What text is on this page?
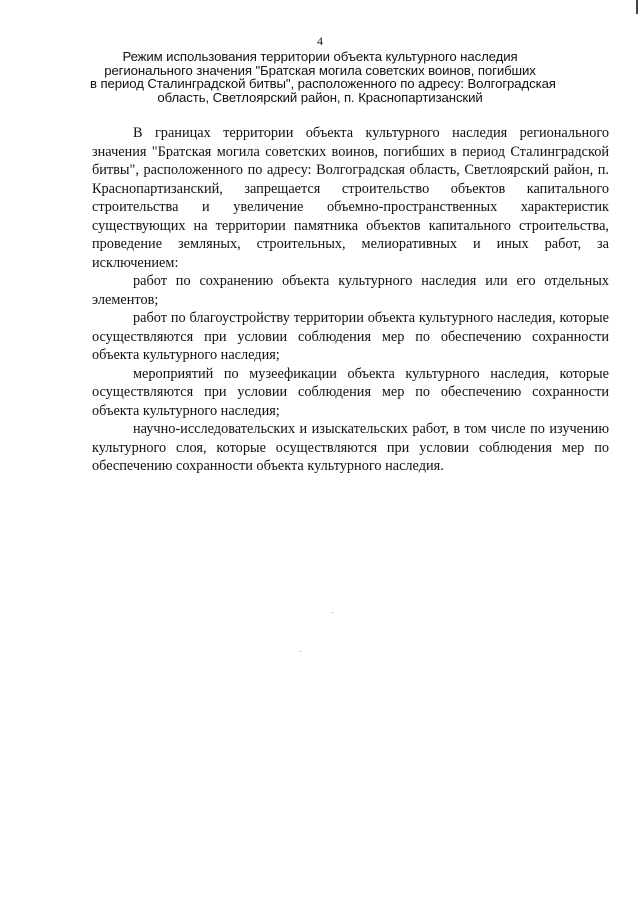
4
Режим использования территории объекта культурного наследия
регионального значения "Братская могила советских воинов, погибших
в период Сталинградской битвы", расположенного по адресу: Волгоградская
область, Светлоярский район, п. Краснопартизанский

В границах территории объекта культурного наследия регионального значения "Братская могила советских воинов, погибших в период Сталинградской битвы", расположенного по адресу: Волгоградская область, Светлоярский район, п. Краснопартизанский, запрещается строительство объектов капитального строительства и увеличение объемно-пространственных характеристик существующих на территории памятника объектов капитального строительства, проведение земляных, строительных, мелиоративных и иных работ, за исключением:

работ по сохранению объекта культурного наследия или его отдельных элементов;

работ по благоустройству территории объекта культурного наследия, которые осуществляются при условии соблюдения мер по обеспечению сохранности объекта культурного наследия;

мероприятий по музеефикации объекта культурного наследия, которые осуществляются при условии соблюдения мер по обеспечению сохранности объекта культурного наследия;

научно-исследовательских и изыскательских работ, в том числе по изучению культурного слоя, которые осуществляются при условии соблюдения мер по обеспечению сохранности объекта культурного наследия.
